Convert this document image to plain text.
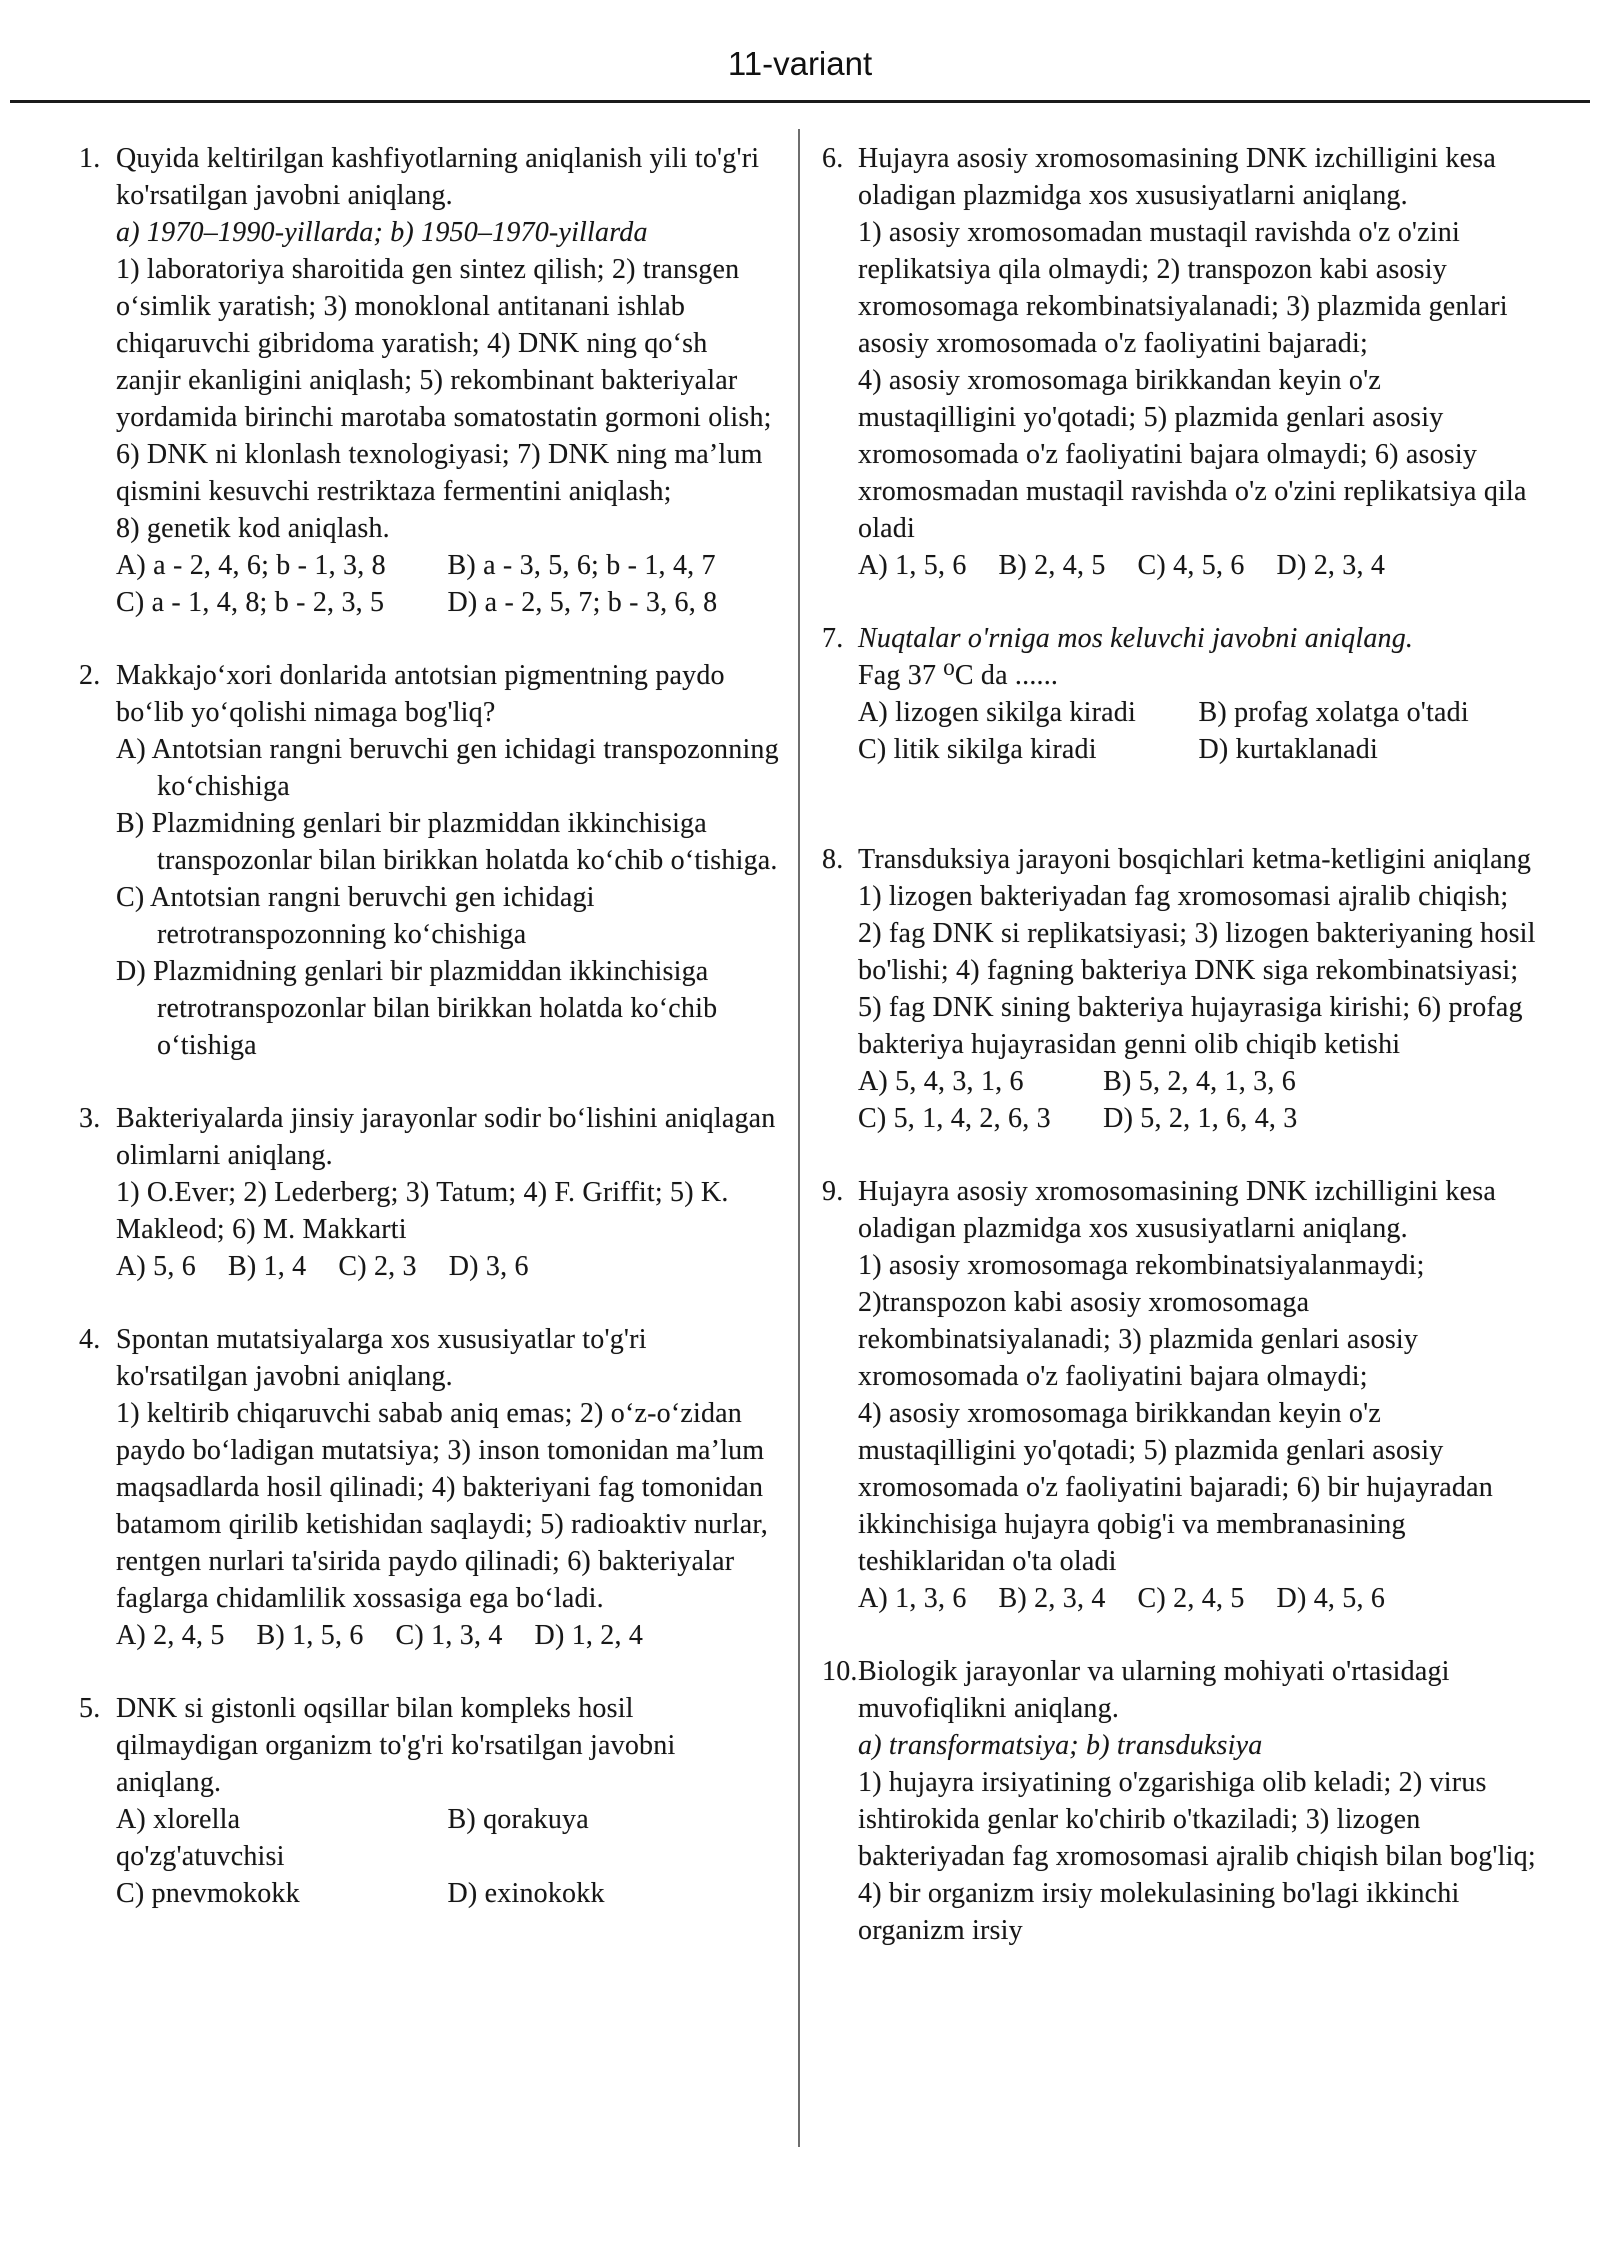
11-variant
1. Quyida keltirilgan kashfiyotlarning aniqlanish yili to'g'ri ko'rsatilgan javobni aniqlang.
a) 1970–1990-yillarda; b) 1950–1970-yillarda
1) laboratoriya sharoitida gen sintez qilish; 2) transgen oʻsimlik yaratish; 3) monoklonal antitanani ishlab chiqaruvchi gibridoma yaratish; 4) DNK ning qoʻsh zanjir ekanligini aniqlash; 5) rekombinant bakteriyalar yordamida birinchi marotaba somatostatin gormoni olish; 6) DNK ni klonlash texnologiyasi; 7) DNK ning ma’lum qismini kesuvchi restriktaza fermentini aniqlash;
8) genetik kod aniqlash.
A) a - 2, 4, 6; b - 1, 3, 8	B) a - 3, 5, 6; b - 1, 4, 7
C) a - 1, 4, 8; b - 2, 3, 5	D) a - 2, 5, 7; b - 3, 6, 8
2. Makkajoʻxori donlarida antotsian pigmentning paydo boʻlib yoʻqolishi nimaga bog'liq?
A) Antotsian rangni beruvchi gen ichidagi transpozonning koʻchishiga
B) Plazmidning genlari bir plazmiddan ikkinchisiga transpozonlar bilan birikkan holatda koʻchib oʻtishiga.
C) Antotsian rangni beruvchi gen ichidagi retrotranspozonning koʻchishiga
D) Plazmidning genlari bir plazmiddan ikkinchisiga retrotranspozonlar bilan birikkan holatda koʻchib oʻtishiga
3. Bakteriyalarda jinsiy jarayonlar sodir boʻlishini aniqlagan olimlarni aniqlang.
1) O.Ever; 2) Lederberg; 3) Tatum; 4) F. Griffit; 5) K. Makleod; 6) M. Makkarti
A) 5, 6 B) 1, 4 C) 2, 3 D) 3, 6
4. Spontan mutatsiyalarga xos xususiyatlar to'g'ri ko'rsatilgan javobni aniqlang.
1) keltirib chiqaruvchi sabab aniq emas; 2) oʻz-oʻzidan paydo boʻladigan mutatsiya; 3) inson tomonidan ma’lum maqsadlarda hosil qilinadi; 4) bakteriyani fag tomonidan batamom qirilib ketishidan saqlaydi; 5) radioaktiv nurlar, rentgen nurlari ta'sirida paydo qilinadi; 6) bakteriyalar faglarga chidamlilik xossasiga ega boʻladi.
A) 2, 4, 5 B) 1, 5, 6 C) 1, 3, 4 D) 1, 2, 4
5. DNK si gistonli oqsillar bilan kompleks hosil qilmaydigan organizm to'g'ri ko'rsatilgan javobni aniqlang.
A) xlorella	B) qorakuya
qo'zg'atuvchisi
C) pnevmokokk	D) exinokokk
6. Hujayra asosiy xromosomasining DNK izchilligini kesa oladigan plazmidga xos xususiyatlarni aniqlang.
1) asosiy xromosomadan mustaqil ravishda o'z o'zini replikatsiya qila olmaydi; 2) transpozon kabi asosiy xromosomaga rekombinatsiyalanadi; 3) plazmida genlari asosiy xromosomada o'z faoliyatini bajaradi;
4) asosiy xromosomaga birikkandan keyin o'z mustaqilligini yo'qotadi; 5) plazmida genlari asosiy xromosomada o'z faoliyatini bajara olmaydi; 6) asosiy xromosmadan mustaqil ravishda o'z o'zini replikatsiya qila oladi
A) 1, 5, 6 B) 2, 4, 5 C) 4, 5, 6 D) 2, 3, 4
7. Nuqtalar o'rniga mos keluvchi javobni aniqlang.
Fag 37 ⁰C da ......
A) lizogen sikilga kiradi	B) profag xolatga o'tadi
C) litik sikilga kiradi	D) kurtaklanadi
8. Transduksiya jarayoni bosqichlari ketma-ketligini aniqlang
1) lizogen bakteriyadan fag xromosomasi ajralib chiqish;
2) fag DNK si replikatsiyasi; 3) lizogen bakteriyaning hosil bo'lishi; 4) fagning bakteriya DNK siga rekombinatsiyasi; 5) fag DNK sining bakteriya hujayrasiga kirishi; 6) profag bakteriya hujayrasidan genni olib chiqib ketishi
A) 5, 4, 3, 1, 6	B) 5, 2, 4, 1, 3, 6
C) 5, 1, 4, 2, 6, 3	D) 5, 2, 1, 6, 4, 3
9. Hujayra asosiy xromosomasining DNK izchilligini kesa oladigan plazmidga xos xususiyatlarni aniqlang.
1) asosiy xromosomaga rekombinatsiyalanmaydi; 2)transpozon kabi asosiy xromosomaga rekombinatsiyalanadi; 3) plazmida genlari asosiy xromosomada o'z faoliyatini bajara olmaydi;
4) asosiy xromosomaga birikkandan keyin o'z mustaqilligini yo'qotadi; 5) plazmida genlari asosiy xromosomada o'z faoliyatini bajaradi; 6) bir hujayradan ikkinchisiga hujayra qobig'i va membranasining teshiklaridan o'ta oladi
A) 1, 3, 6 B) 2, 3, 4 C) 2, 4, 5 D) 4, 5, 6
10. Biologik jarayonlar va ularning mohiyati o'rtasidagi muvofiqlikni aniqlang.
a) transformatsiya; b) transduksiya
1) hujayra irsiyatining o'zgarishiga olib keladi; 2) virus ishtirokida genlar ko'chirib o'tkaziladi; 3) lizogen bakteriyadan fag xromosomasi ajralib chiqish bilan bog'liq; 4) bir organizm irsiy molekulasining bo'lagi ikkinchi organizm irsiy
